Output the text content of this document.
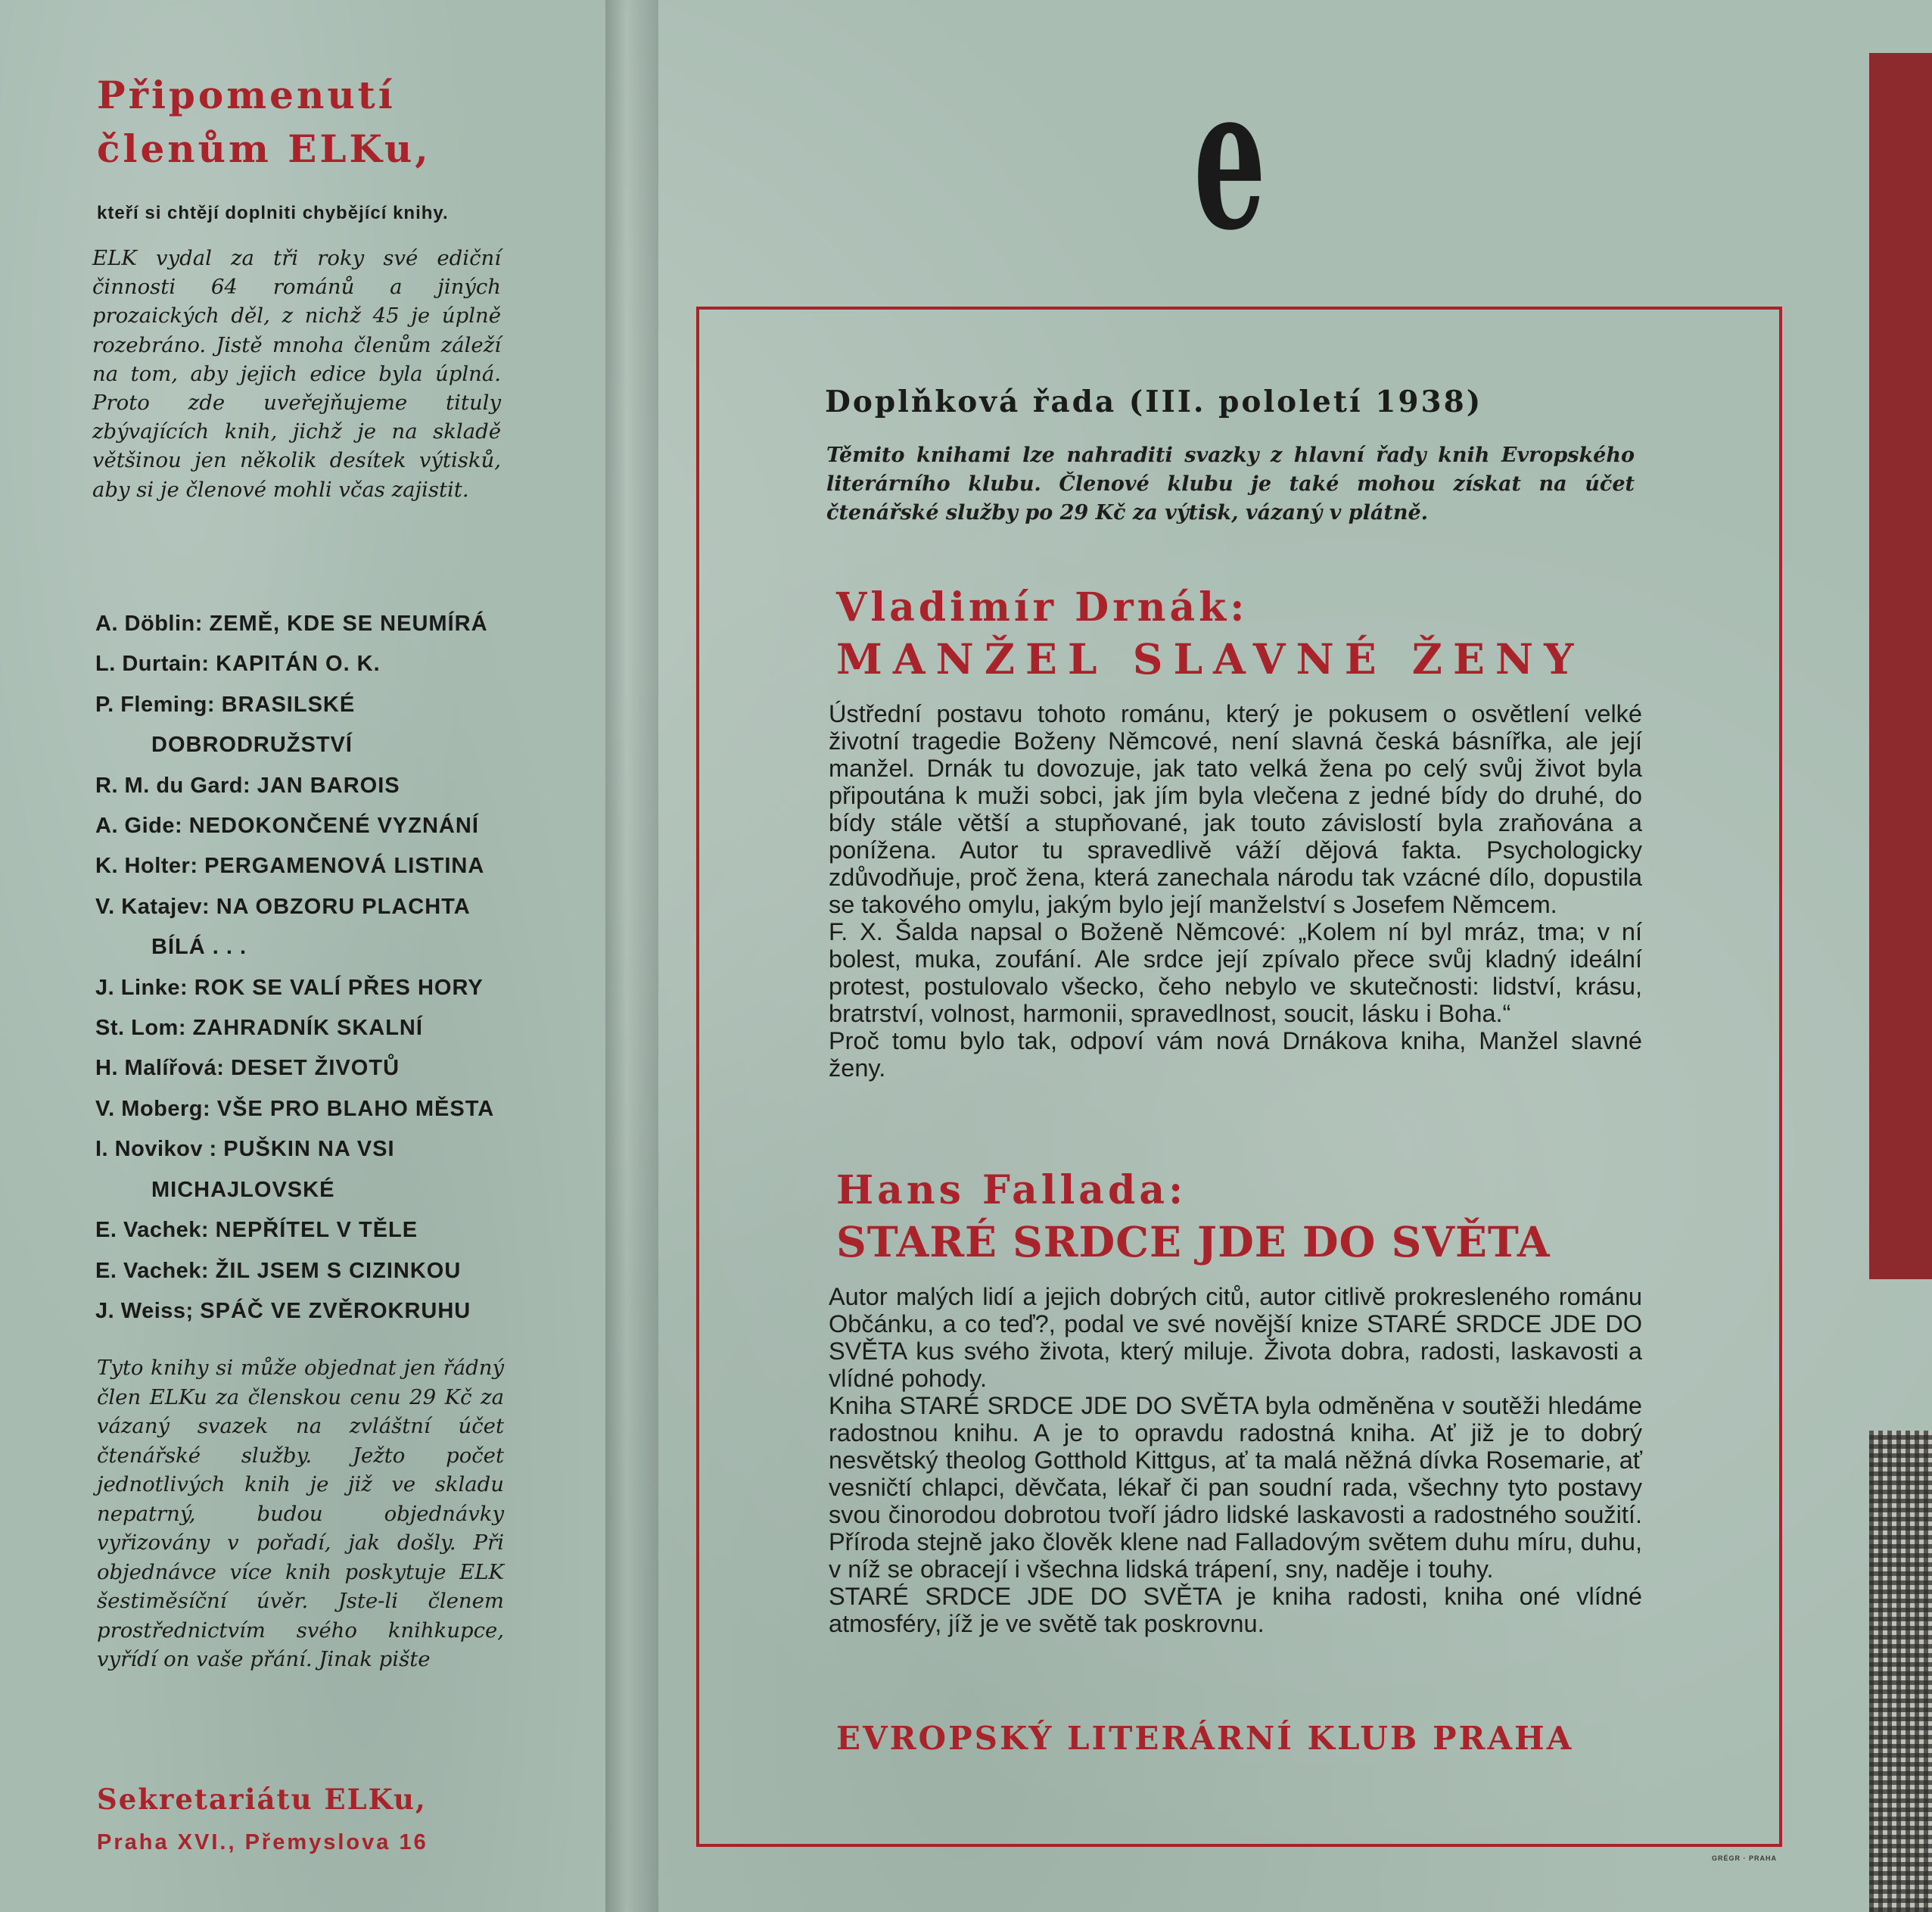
Připomenutí
členům ELKu,
kteří si chtějí doplniti chybějící knihy.
ELK vydal za tři roky své ediční činnosti 64 románů a jiných prozaických děl, z nichž 45 je úplně rozebráno. Jistě mnoha členům záleží na tom, aby jejich edice byla úplná. Proto zde uveřejňujeme tituly zbývajících knih, jichž je na skladě většinou jen několik desítek výtisků, aby si je členové mohli včas zajistit.
A. Döblin: ZEMĚ, KDE SE NEUMÍRÁ
L. Durtain: KAPITÁN O. K.
P. Fleming: BRASILSKÉ DOBRODRUŽSTVÍ
R. M. du Gard: JAN BAROIS
A. Gide: NEDOKONČENÉ VYZNÁNÍ
K. Holter: PERGAMENOVÁ LISTINA
V. Katajev: NA OBZORU PLACHTA BÍLÁ . . .
J. Linke: ROK SE VALÍ PŘES HORY
St. Lom: ZAHRADNÍK SKALNÍ
H. Malířová: DESET ŽIVOTŮ
V. Moberg: VŠE PRO BLAHO MĚSTA
I. Novikov : PUŠKIN NA VSI MICHAJLOVSKÉ
E. Vachek: NEPŘÍTEL V TĚLE
E. Vachek: ŽIL JSEM S CIZINKOU
J. Weiss; SPÁČ VE ZVĚROKRUHU
Tyto knihy si může objednat jen řádný člen ELKu za členskou cenu 29 Kč za vázaný svazek na zvláštní účet čtenářské služby. Ježto počet jednotlivých knih je již ve skladu nepatrný, budou objednávky vyřizovány v pořadí, jak došly. Při objednávce více knih poskytuje ELK šestiměsíční úvěr. Jste-li členem prostřednictvím svého knihkupce, vyřídí on vaše přání. Jinak pište
Sekretariátu ELKu,
Praha XVI., Přemyslova 16
e
Doplňková řada (III. pololetí 1938)
Těmito knihami lze nahraditi svazky z hlavní řady knih Evropského literárního klubu. Členové klubu je také mohou získat na účet čtenářské služby po 29 Kč za výtisk, vázaný v plátně.
Vladimír Drnák:
MANŽEL SLAVNÉ ŽENY

Ústřední postavu tohoto románu, který je pokusem o osvětlení velké životní tragedie Boženy Němcové, není slavná česká básnířka, ale její manžel. Drnák tu dovozuje, jak tato velká žena po celý svůj život byla připoutána k muži sobci, jak jím byla vlečena z jedné bídy do druhé, do bídy stále větší a stupňované, jak touto závislostí byla zraňována a ponížena. Autor tu spravedlivě váží dějová fakta. Psychologicky zdůvodňuje, proč žena, která zanechala národu tak vzácné dílo, dopustila se takového omylu, jakým bylo její manželství s Josefem Němcem.

F. X. Šalda napsal o Boženě Němcové: „Kolem ní byl mráz, tma; v ní bolest, muka, zoufání. Ale srdce její zpívalo přece svůj kladný ideální protest, postulovalo všecko, čeho nebylo ve skutečnosti: lidství, krásu, bratrství, volnost, harmonii, spravedlnost, soucit, lásku i Boha.“

Proč tomu bylo tak, odpoví vám nová Drnákova kniha, Manžel slavné ženy.

Hans Fallada:
STARÉ SRDCE JDE DO SVĚTA

Autor malých lidí a jejich dobrých citů, autor citlivě prokresleného románu Občánku, a co teď?, podal ve své novější knize STARÉ SRDCE JDE DO SVĚTA kus svého života, který miluje. Života dobra, radosti, laskavosti a vlídné pohody.

Kniha STARÉ SRDCE JDE DO SVĚTA byla odměněna v soutěži hledáme radostnou knihu. A je to opravdu radostná kniha. Ať již je to dobrý nesvětský theolog Gotthold Kittgus, ať ta malá něžná dívka Rosemarie, ať vesničtí chlapci, děvčata, lékař či pan soudní rada, všechny tyto postavy svou činorodou dobrotou tvoří jádro lidské laskavosti a radostného soužití. Příroda stejně jako člověk klene nad Falladovým světem duhu míru, duhu, v níž se obracejí i všechna lidská trápení, sny, naděje i touhy.

STARÉ SRDCE JDE DO SVĚTA je kniha radosti, kniha oné vlídné atmosféry, jíž je ve světě tak poskrovnu.

EVROPSKÝ LITERÁRNÍ KLUB PRAHA
GRÉGR · PRAHA
